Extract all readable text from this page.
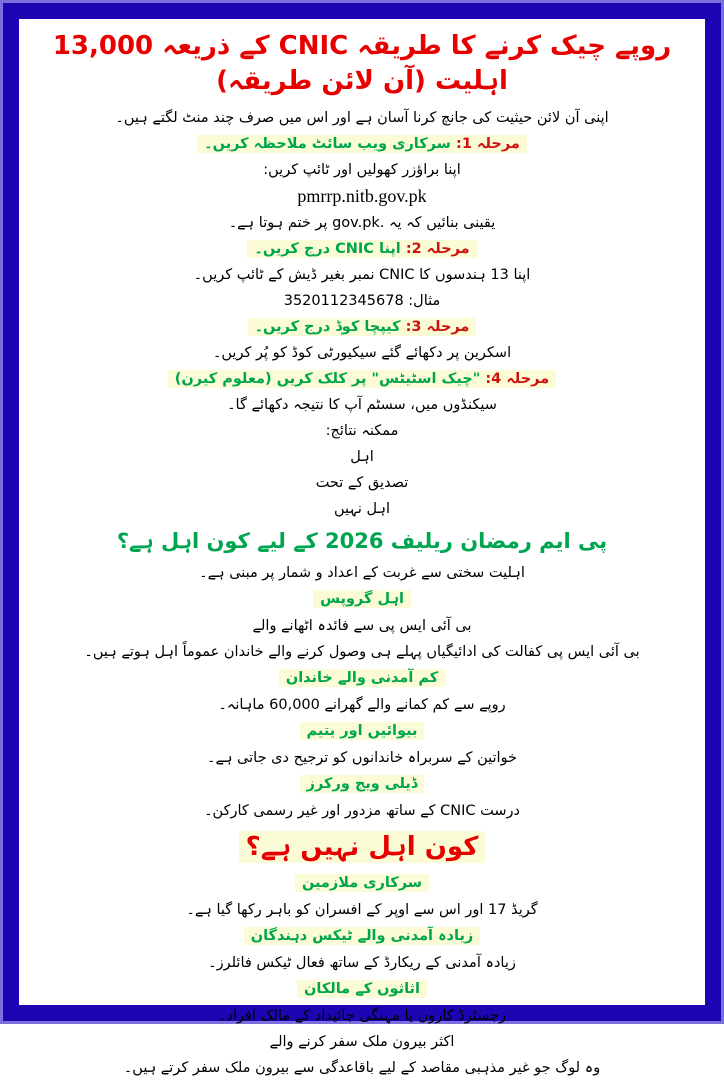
روپے چیک کرنے کا طریقہ CNIC کے ذریعہ 13,000 اہلیت (آن لائن طریقہ)
اپنی آن لائن حیثیت کی جانچ کرنا آسان ہے اور اس میں صرف چند منٹ لگتے ہیں۔
مرحلہ 1: سرکاری ویب سائٹ ملاحظہ کریں۔
اپنا براؤزر کھولیں اور ٹائپ کریں:
pmrrp.nitb.gov.pk
یقینی بنائیں کہ یہ .gov.pk پر ختم ہوتا ہے۔
مرحلہ 2: اپنا CNIC درج کریں۔
اپنا 13 ہندسوں کا CNIC نمبر بغیر ڈیش کے ٹائپ کریں۔
مثال: 3520112345678
مرحلہ 3: کیپچا کوڈ درج کریں۔
اسکرین پر دکھائے گئے سیکیورٹی کوڈ کو پُر کریں۔
مرحلہ 4: "چیک اسٹیٹس" پر کلک کریں (معلوم کیرن)
سیکنڈوں میں، سسٹم آپ کا نتیجہ دکھائے گا۔
ممکنہ نتائج:
اہل
تصدیق کے تحت
اہل نہیں
پی ایم رمضان ریلیف 2026 کے لیے کون اہل ہے؟
اہلیت سختی سے غربت کے اعداد و شمار پر مبنی ہے۔
اہل گروپس
بی آئی ایس پی سے فائدہ اٹھانے والے
بی آئی ایس پی کفالت کی ادائیگیاں پہلے ہی وصول کرنے والے خاندان عموماً اہل ہوتے ہیں۔
کم آمدنی والے خاندان
روپے سے کم کمانے والے گھرانے 60,000 ماہانہ۔
بیوائیں اور یتیم
خواتین کے سربراہ خاندانوں کو ترجیح دی جاتی ہے۔
ڈیلی ویج ورکرز
درست CNIC کے ساتھ مزدور اور غیر رسمی کارکن۔
کون اہل نہیں ہے؟
سرکاری ملازمین
گریڈ 17 اور اس سے اوپر کے افسران کو باہر رکھا گیا ہے۔
زیادہ آمدنی والے ٹیکس دہندگان
زیادہ آمدنی کے ریکارڈ کے ساتھ فعال ٹیکس فائلرز۔
اثاثوں کے مالکان
رجسٹرڈ کاروں یا مہنگی جائیداد کے مالک افراد۔
اکثر بیرون ملک سفر کرنے والے
وہ لوگ جو غیر مذہبی مقاصد کے لیے باقاعدگی سے بیرون ملک سفر کرتے ہیں۔
